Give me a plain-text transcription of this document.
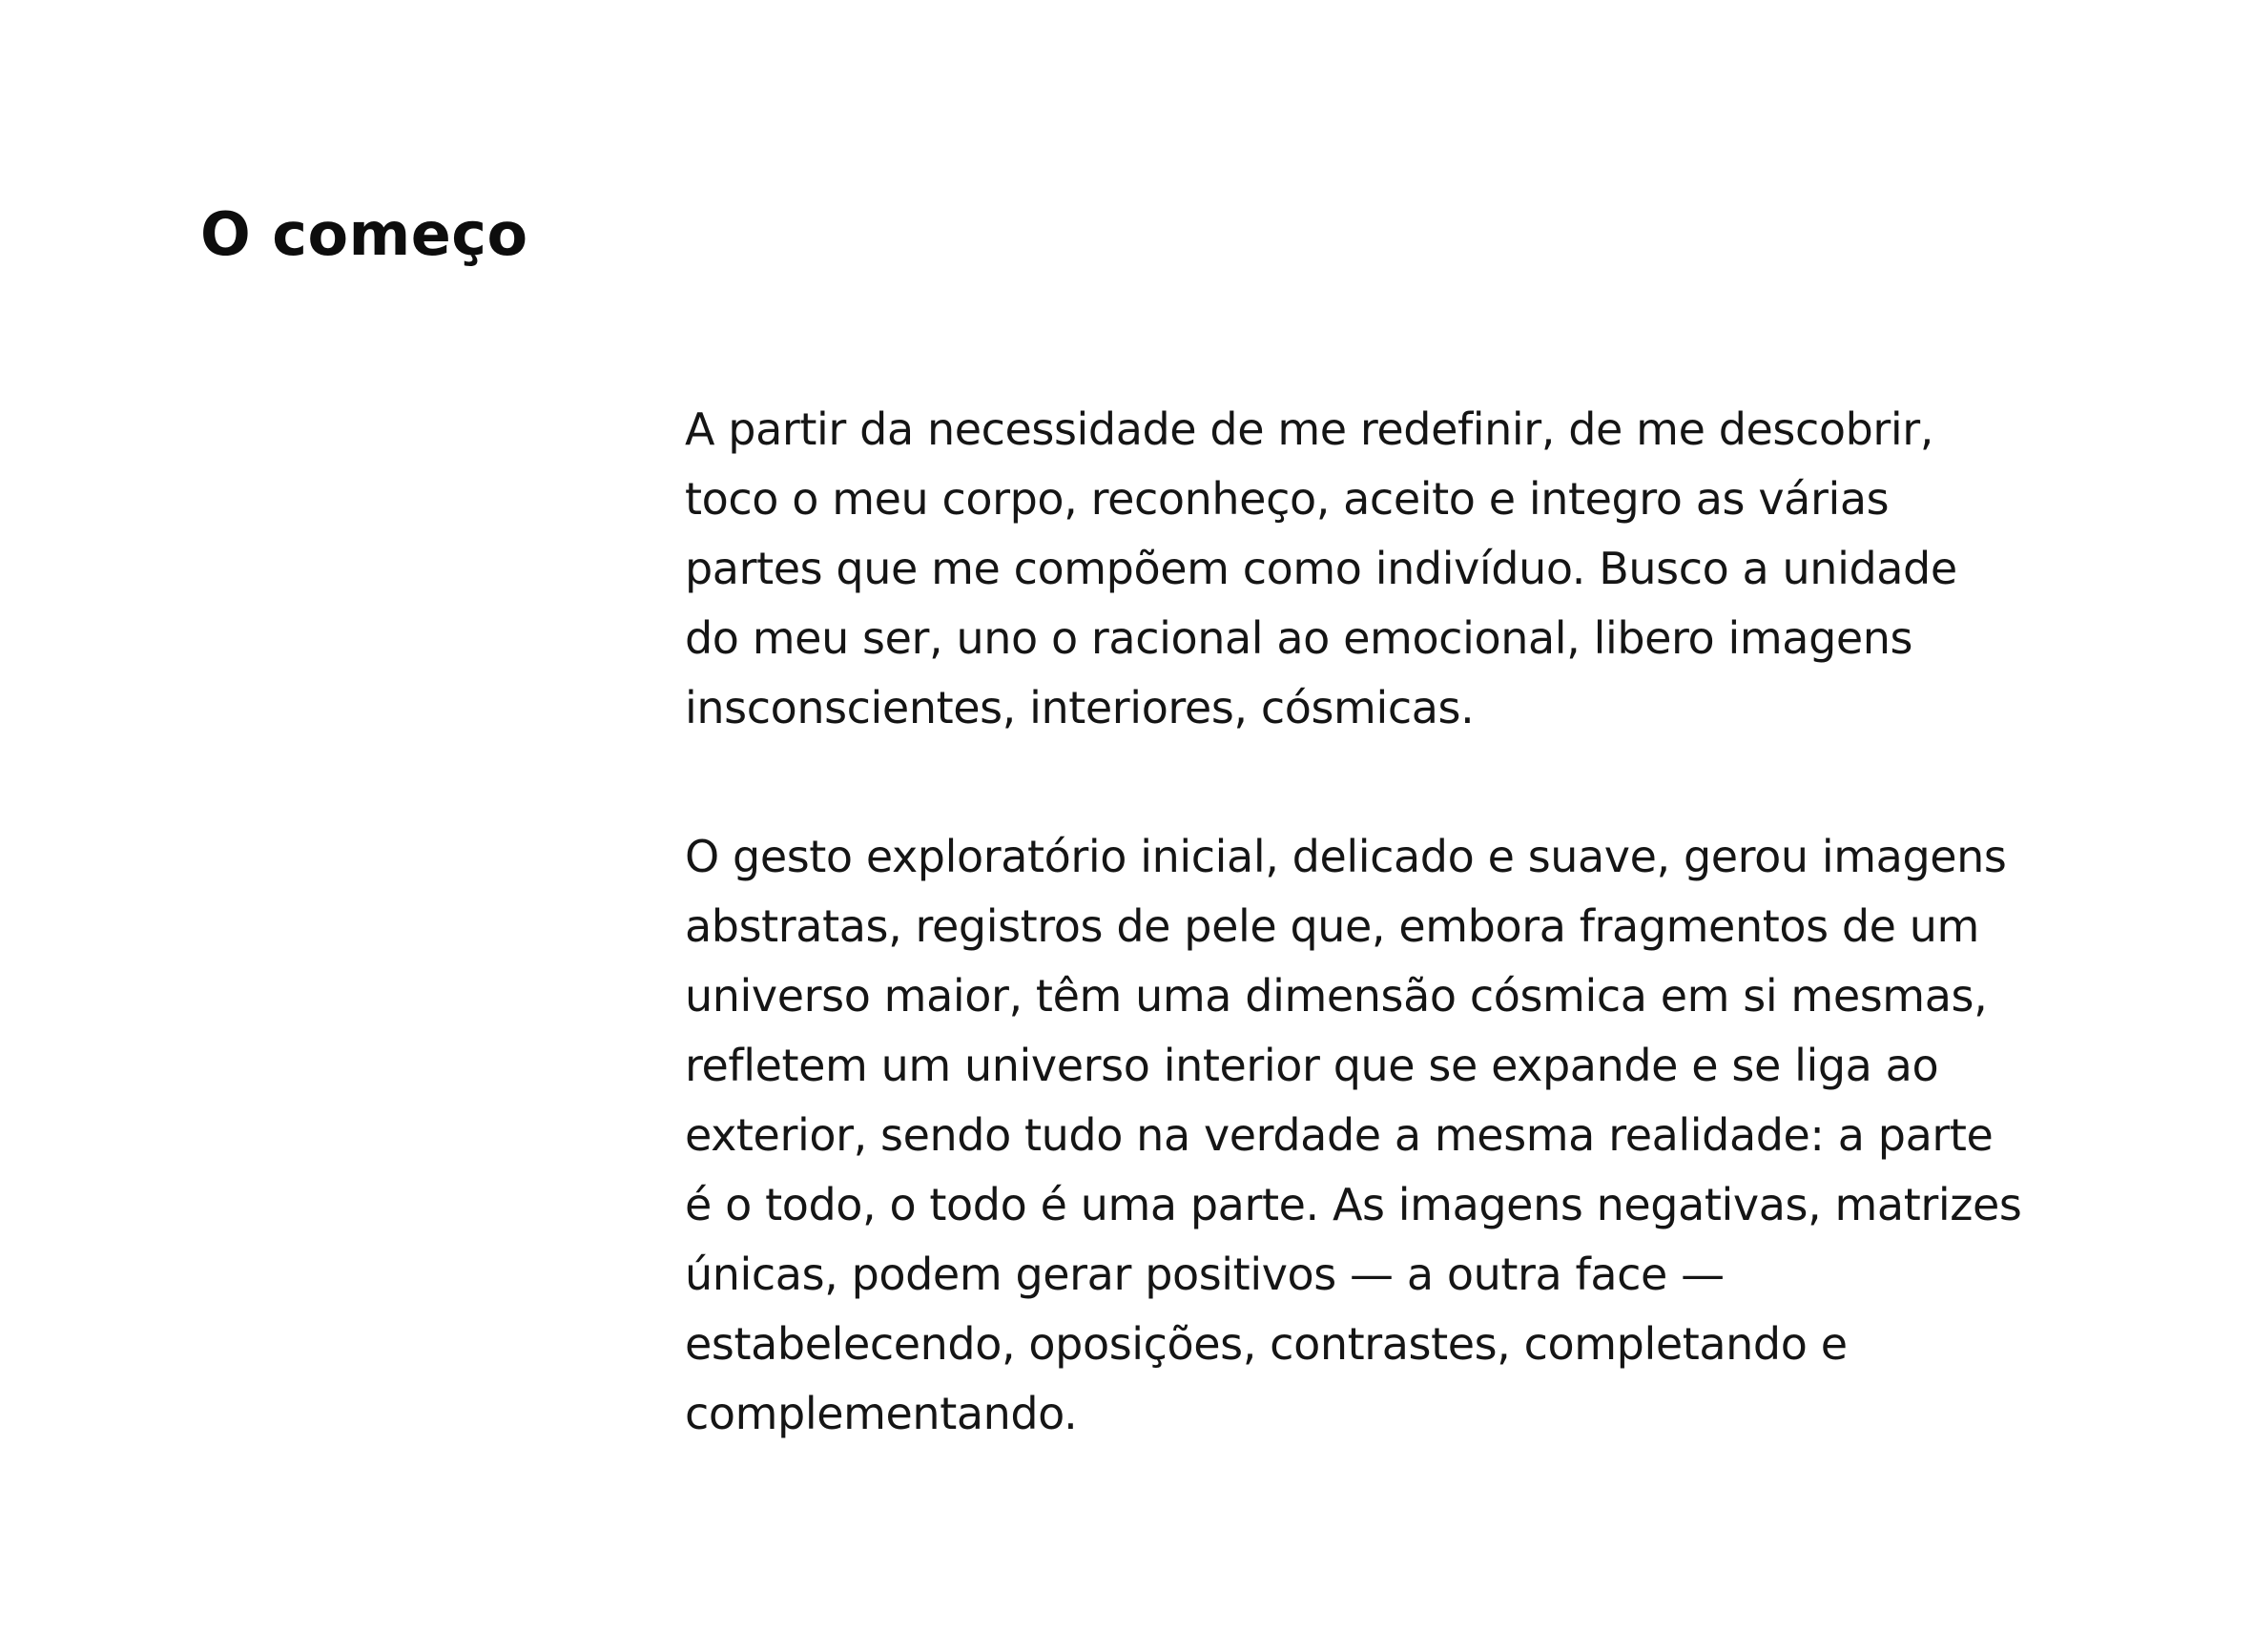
O começo

A partir da necessidade de me redefinir, de me descobrir,
toco o meu corpo, reconheço, aceito e integro as várias
partes que me compõem como indivíduo. Busco a unidade
do meu ser, uno o racional ao emocional, libero imagens
insconscientes, interiores, cósmicas.

O gesto exploratório inicial, delicado e suave, gerou imagens
abstratas, registros de pele que, embora fragmentos de um
universo maior, têm uma dimensão cósmica em si mesmas,
refletem um universo interior que se expande e se liga ao
exterior, sendo tudo na verdade a mesma realidade: a parte
é o todo, o todo é uma parte. As imagens negativas, matrizes
únicas, podem gerar positivos — a outra face —
estabelecendo, oposições, contrastes, completando e
complementando.
